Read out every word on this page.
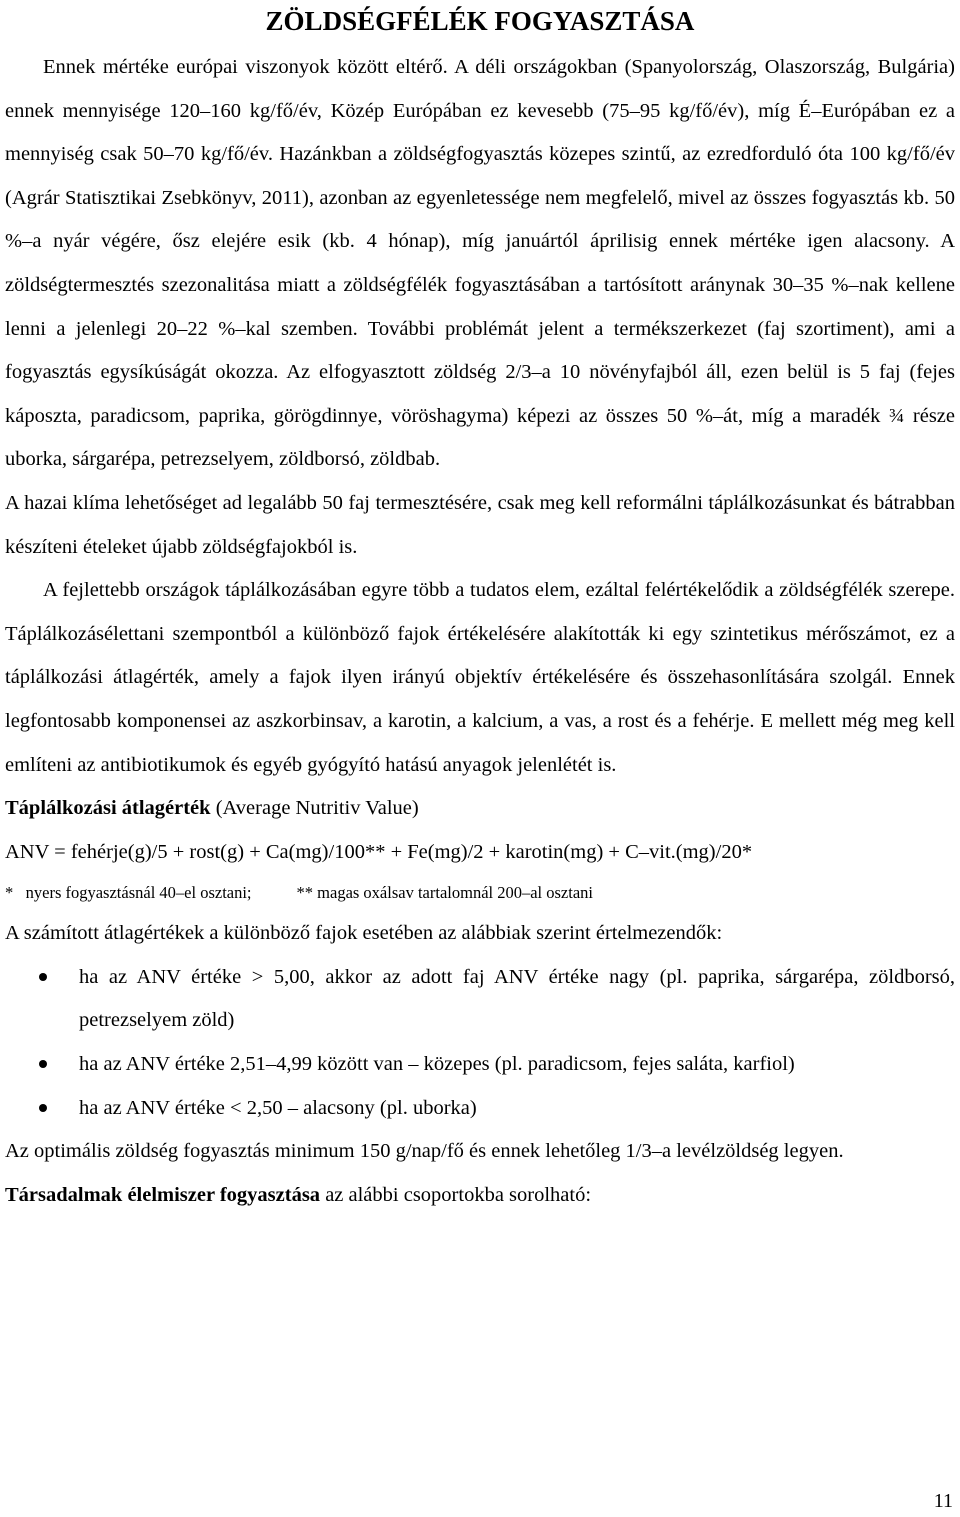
ZÖLDSÉGFÉLÉK FOGYASZTÁSA

Ennek mértéke európai viszonyok között eltérő. A déli országokban (Spanyolország, Olaszország, Bulgária) ennek mennyisége 120–160 kg/fő/év, Közép Európában ez kevesebb (75–95 kg/fő/év), míg É–Európában ez a mennyiség csak 50–70 kg/fő/év. Hazánkban a zöldségfogyasztás közepes szintű, az ezredforduló óta 100 kg/fő/év (Agrár Statisztikai Zsebkönyv, 2011), azonban az egyenletessége nem megfelelő, mivel az összes fogyasztás kb. 50 %–a nyár végére, ősz elejére esik (kb. 4 hónap), míg januártól áprilisig ennek mértéke igen alacsony. A zöldségtermesztés szezonalitása miatt a zöldségfélék fogyasztásában a tartósított aránynak 30–35 %–nak kellene lenni a jelenlegi 20–22 %–kal szemben. További problémát jelent a termékszerkezet (faj szortiment), ami a fogyasztás egysíkúságát okozza. Az elfogyasztott zöldség 2/3–a 10 növényfajból áll, ezen belül is 5 faj (fejes káposzta, paradicsom, paprika, görögdinnye, vöröshagyma) képezi az összes 50 %–át, míg a maradék ¾ része uborka, sárgarépa, petrezselyem, zöldborsó, zöldbab.

A hazai klíma lehetőséget ad legalább 50 faj termesztésére, csak meg kell reformálni táplálkozásunkat és bátrabban készíteni ételeket újabb zöldségfajokból is.

A fejlettebb országok táplálkozásában egyre több a tudatos elem, ezáltal felértékelődik a zöldségfélék szerepe. Táplálkozásélettani szempontból a különböző fajok értékelésére alakították ki egy szintetikus mérőszámot, ez a táplálkozási átlagérték, amely a fajok ilyen irányú objektív értékelésére és összehasonlítására szolgál. Ennek legfontosabb komponensei az aszkorbinsav, a karotin, a kalcium, a vas, a rost és a fehérje. E mellett még meg kell említeni az antibiotikumok és egyéb gyógyító hatású anyagok jelenlétét is.

Táplálkozási átlagérték (Average Nutritiv Value)

ANV = fehérje(g)/5 + rost(g) + Ca(mg)/100** + Fe(mg)/2 + karotin(mg) + C–vit.(mg)/20*

*   nyers fogyasztásnál 40–el osztani;	** magas oxálsav tartalomnál 200–al osztani

A számított átlagértékek a különböző fajok esetében az alábbiak szerint értelmezendők:

ha az ANV értéke > 5,00, akkor az adott faj ANV értéke nagy (pl. paprika, sárgarépa, zöldborsó, petrezselyem zöld)
ha az ANV értéke 2,51–4,99 között van – közepes (pl. paradicsom, fejes saláta, karfiol)
ha az ANV értéke < 2,50 – alacsony (pl. uborka)

Az optimális zöldség fogyasztás minimum 150 g/nap/fő és ennek lehetőleg 1/3–a levélzöldség legyen.

Társadalmak élelmiszer fogyasztása az alábbi csoportokba sorolható:

11
